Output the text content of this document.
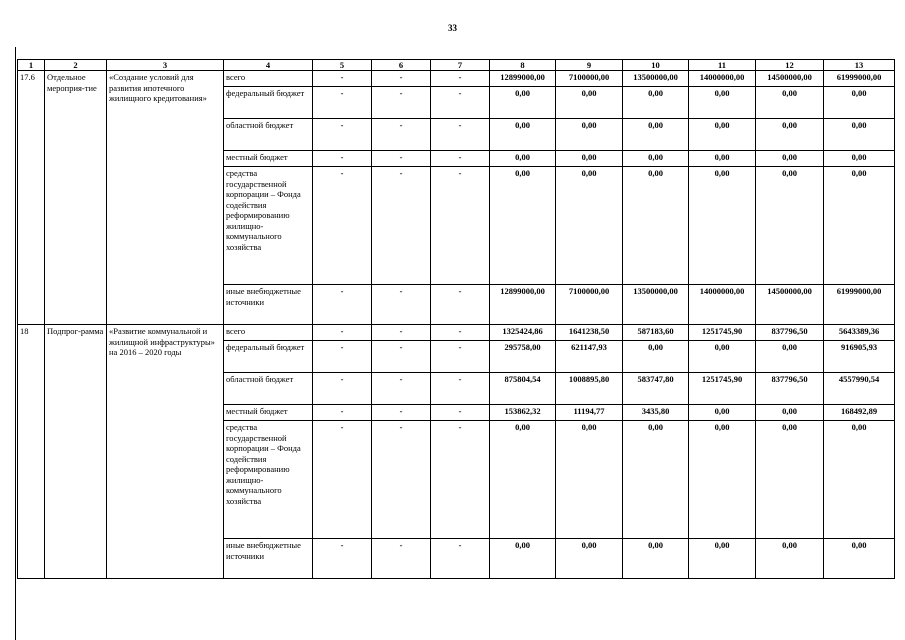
33
1	2	3	4	5	6	7	8	9	10	11	12	13
17.6	Отдельное мероприя-тие	«Создание условий для развития ипотечного жилищного кредитования»	всего	-	-	-	12899000,00	7100000,00	13500000,00	14000000,00	14500000,00	61999000,00
			федеральный бюджет	-	-	-	0,00	0,00	0,00	0,00	0,00	0,00
			областной бюджет	-	-	-	0,00	0,00	0,00	0,00	0,00	0,00
			местный бюджет	-	-	-	0,00	0,00	0,00	0,00	0,00	0,00
			средства государственной корпорации – Фонда содействия реформированию жилищно-коммунального хозяйства	-	-	-	0,00	0,00	0,00	0,00	0,00	0,00
			иные внебюджетные источники	-	-	-	12899000,00	7100000,00	13500000,00	14000000,00	14500000,00	61999000,00
18	Подпрог-рамма	«Развитие коммунальной и жилищной инфраструктуры» на 2016 – 2020 годы	всего	-	-	-	1325424,86	1641238,50	587183,60	1251745,90	837796,50	5643389,36
			федеральный бюджет	-	-	-	295758,00	621147,93	0,00	0,00	0,00	916905,93
			областной бюджет	-	-	-	875804,54	1008895,80	583747,80	1251745,90	837796,50	4557990,54
			местный бюджет	-	-	-	153862,32	11194,77	3435,80	0,00	0,00	168492,89
			средства государственной корпорации – Фонда содействия реформированию жилищно-коммунального хозяйства	-	-	-	0,00	0,00	0,00	0,00	0,00	0,00
			иные внебюджетные источники	-	-	-	0,00	0,00	0,00	0,00	0,00	0,00
